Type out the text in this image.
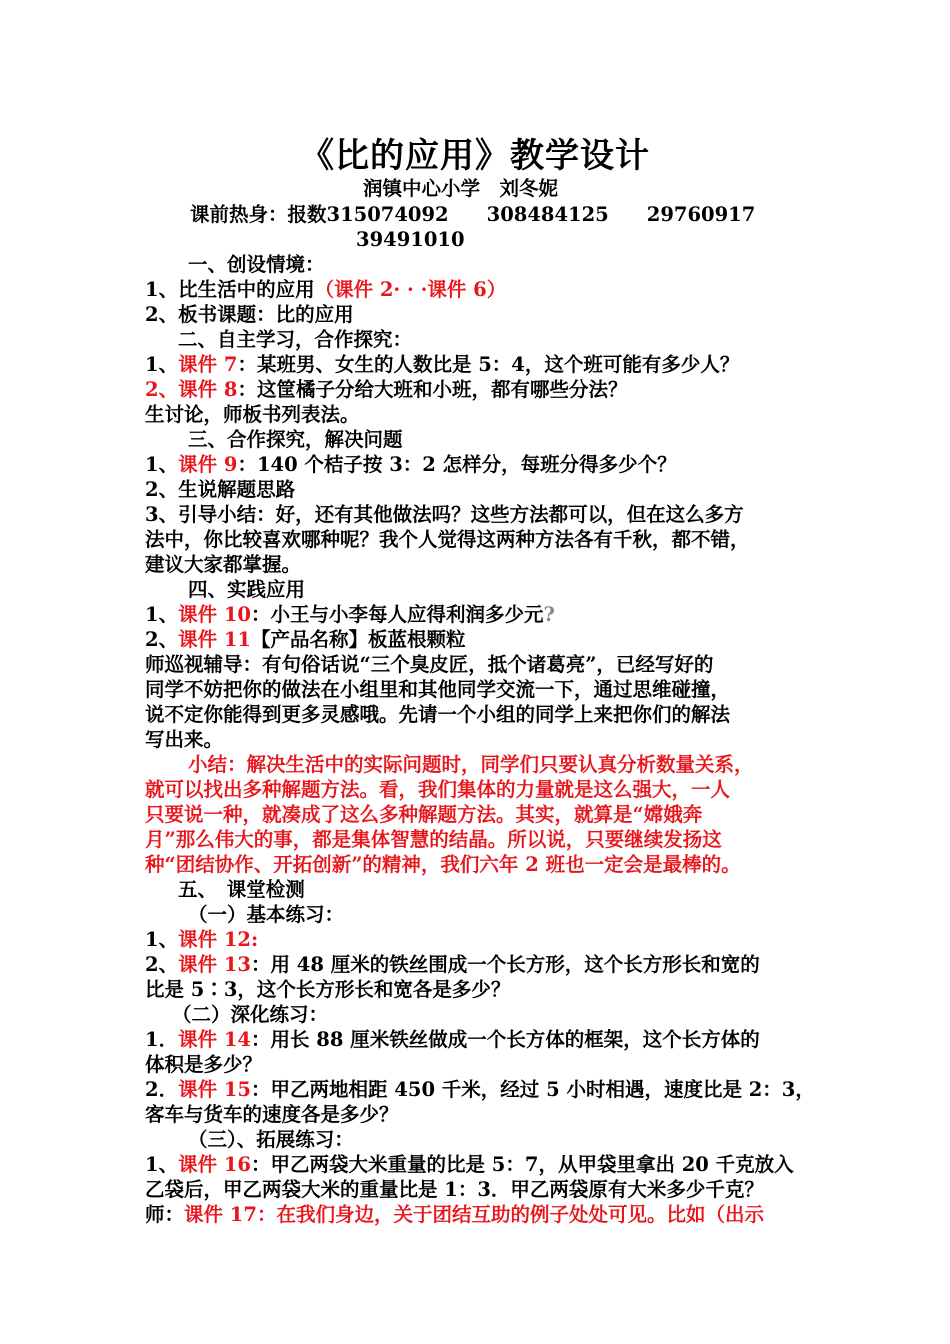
《比的应用》教学设计
润镇中心小学　刘冬妮
课前热身：报数315074092 308484125 29760917
39491010
一、创设情境：
1、比生活中的应用（课件 2· · ·课件 6）
2、板书课题：比的应用
二、自主学习，合作探究：
1、课件 7：某班男、女生的人数比是 5：4，这个班可能有多少人？
2、课件 8：这筐橘子分给大班和小班，都有哪些分法？
生讨论，师板书列表法。
三、合作探究，解决问题
1、课件 9：140 个桔子按 3：2 怎样分，每班分得多少个？
2、生说解题思路
3、引导小结：好，还有其他做法吗？这些方法都可以，但在这么多方
法中，你比较喜欢哪种呢？我个人觉得这两种方法各有千秋，都不错，
建议大家都掌握。
四、实践应用
1、课件 10：小王与小李每人应得利润多少元?
2、课件 11【产品名称】板蓝根颗粒
师巡视辅导：有句俗话说“三个臭皮匠，抵个诸葛亮”，已经写好的
同学不妨把你的做法在小组里和其他同学交流一下，通过思维碰撞，
说不定你能得到更多灵感哦。先请一个小组的同学上来把你们的解法
写出来。
小结：解决生活中的实际问题时，同学们只要认真分析数量关系，
就可以找出多种解题方法。看，我们集体的力量就是这么强大，一人
只要说一种，就凑成了这么多种解题方法。其实，就算是“嫦娥奔
月”那么伟大的事，都是集体智慧的结晶。所以说，只要继续发扬这
种“团结协作、开拓创新”的精神，我们六年 2 班也一定会是最棒的。
五、　课堂检测
（一）基本练习：
1、课件 12:
2、课件 13：用 48 厘米的铁丝围成一个长方形，这个长方形长和宽的
比是 5∶3，这个长方形长和宽各是多少？
（二）深化练习：
1．课件 14：用长 88 厘米铁丝做成一个长方体的框架，这个长方体的
体积是多少？
2．课件 15：甲乙两地相距 450 千米，经过 5 小时相遇，速度比是 2：3，
客车与货车的速度各是多少？
（三）、拓展练习：
1、课件 16：甲乙两袋大米重量的比是 5：7，从甲袋里拿出 20 千克放入
乙袋后，甲乙两袋大米的重量比是 1：3．甲乙两袋原有大米多少千克？
师：课件 17：在我们身边，关于团结互助的例子处处可见。比如（出示
